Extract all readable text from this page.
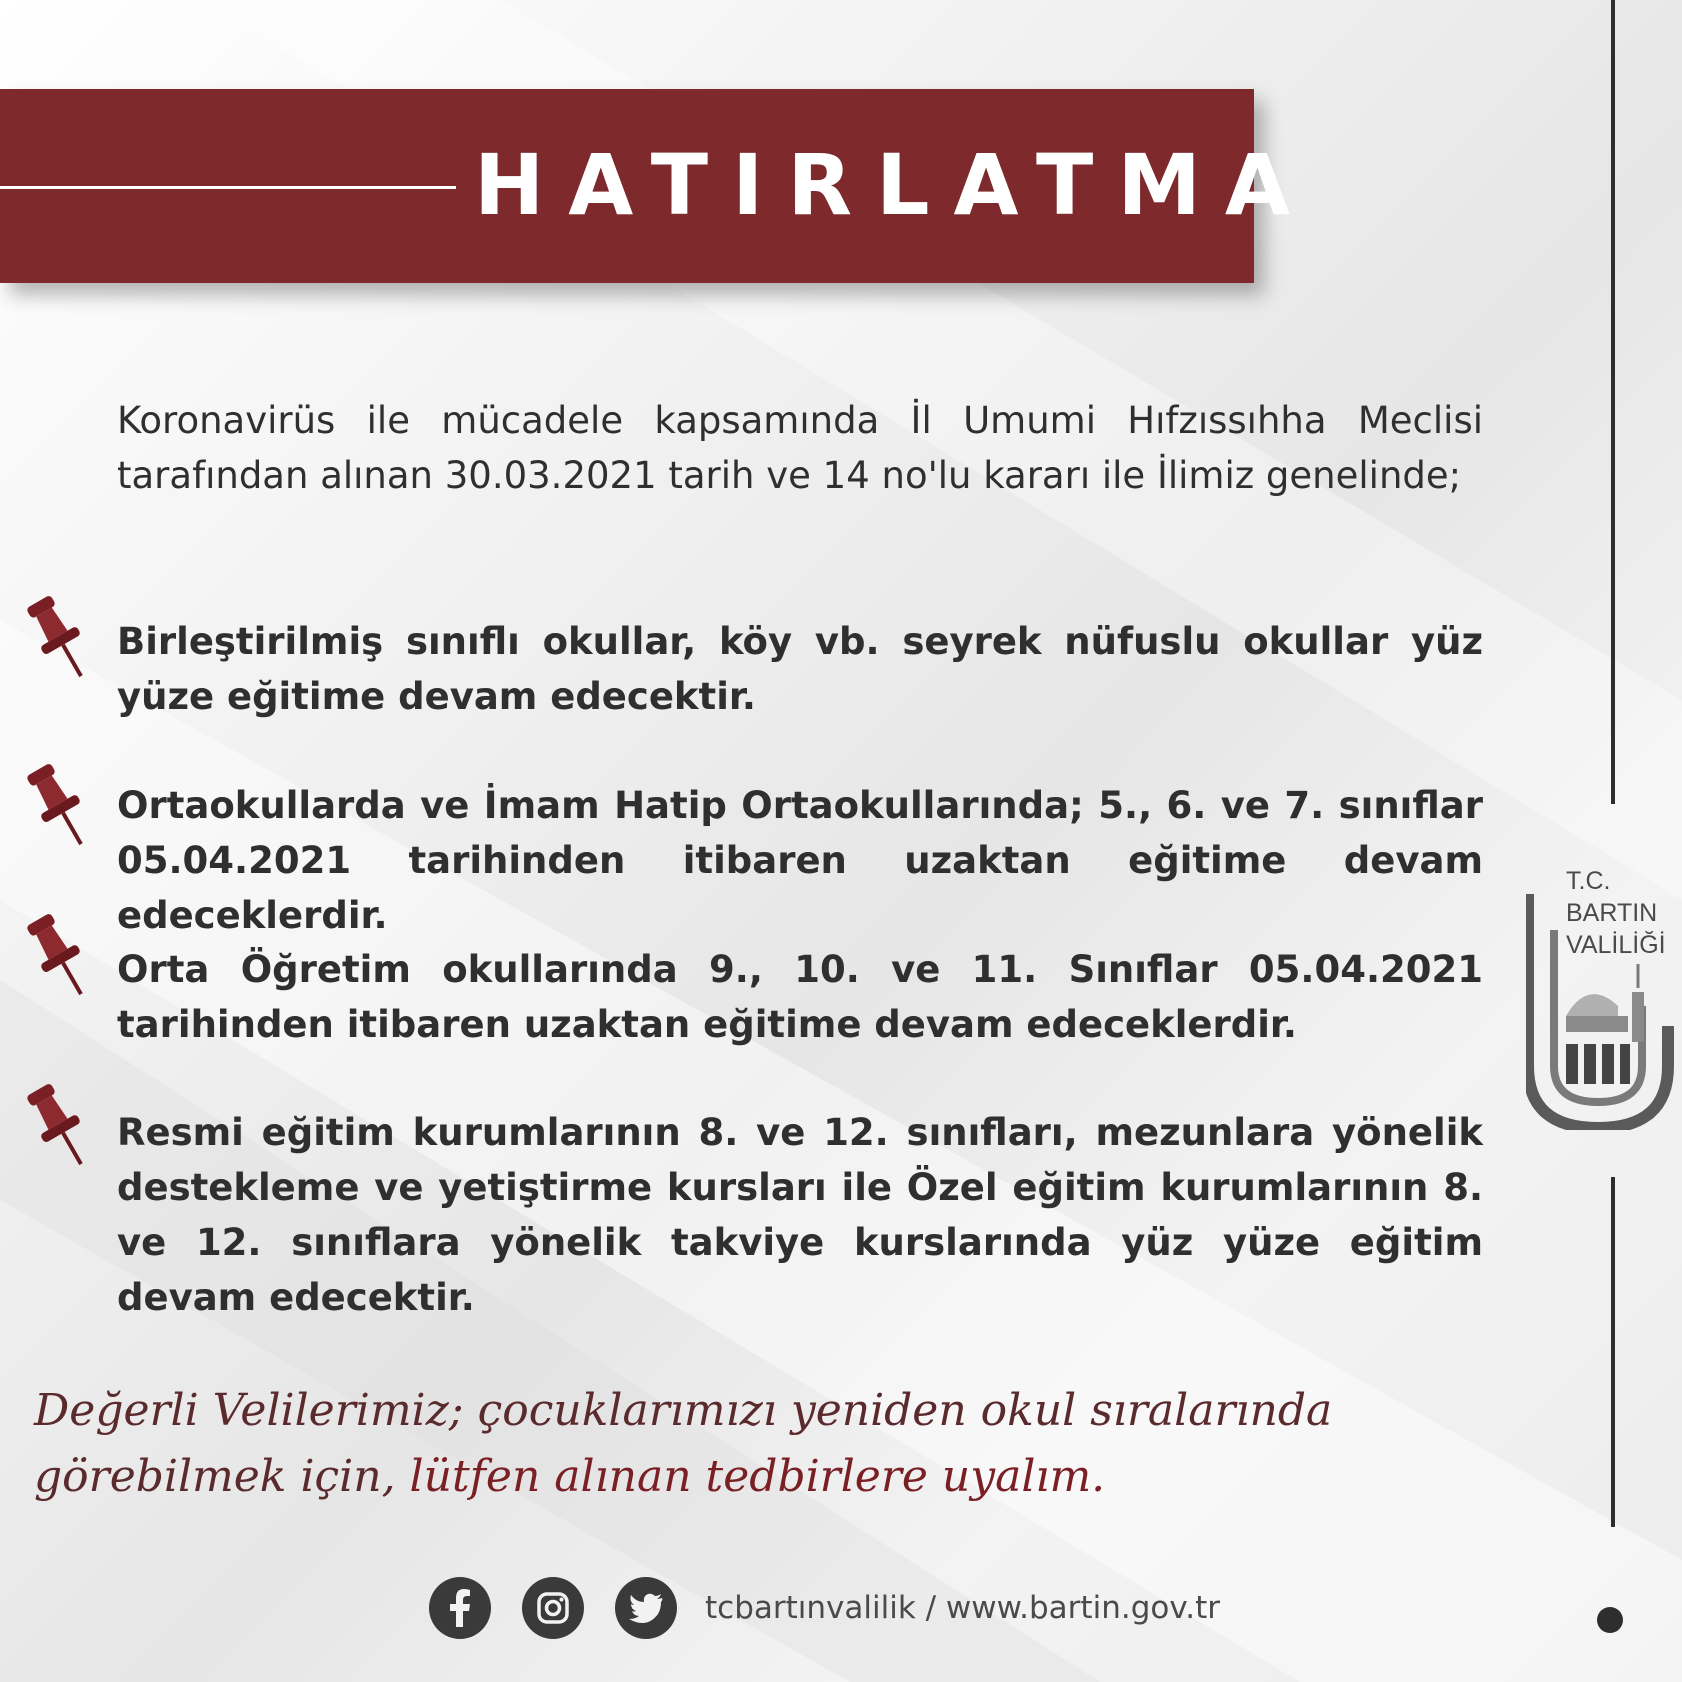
HATIRLATMA
T.C.
BARTIN
VALİLİĞİ
Koronavirüs ile mücadele kapsamında İl Umumi Hıfzıssıhha Meclisi tarafından alınan 30.03.2021 tarih ve 14 no'lu kararı ile İlimiz genelinde;
Birleştirilmiş sınıflı okullar, köy vb. seyrek nüfuslu okullar yüz yüze eğitime devam edecektir.
Ortaokullarda ve İmam Hatip Ortaokullarında; 5., 6. ve 7. sınıflar 05.04.2021 tarihinden itibaren uzaktan eğitime devam edeceklerdir.
Orta Öğretim okullarında 9., 10. ve 11. Sınıflar 05.04.2021 tarihinden itibaren uzaktan eğitime devam edeceklerdir.
Resmi eğitim kurumlarının 8. ve 12. sınıfları, mezunlara yönelik destekleme ve yetiştirme kursları ile Özel eğitim kurumlarının 8. ve 12. sınıflara yönelik takviye kurslarında yüz yüze eğitim devam edecektir.
Değerli Velilerimiz; çocuklarımızı yeniden okul sıralarında görebilmek için, lütfen alınan tedbirlere uyalım.
tcbartınvalilik / www.bartin.gov.tr
